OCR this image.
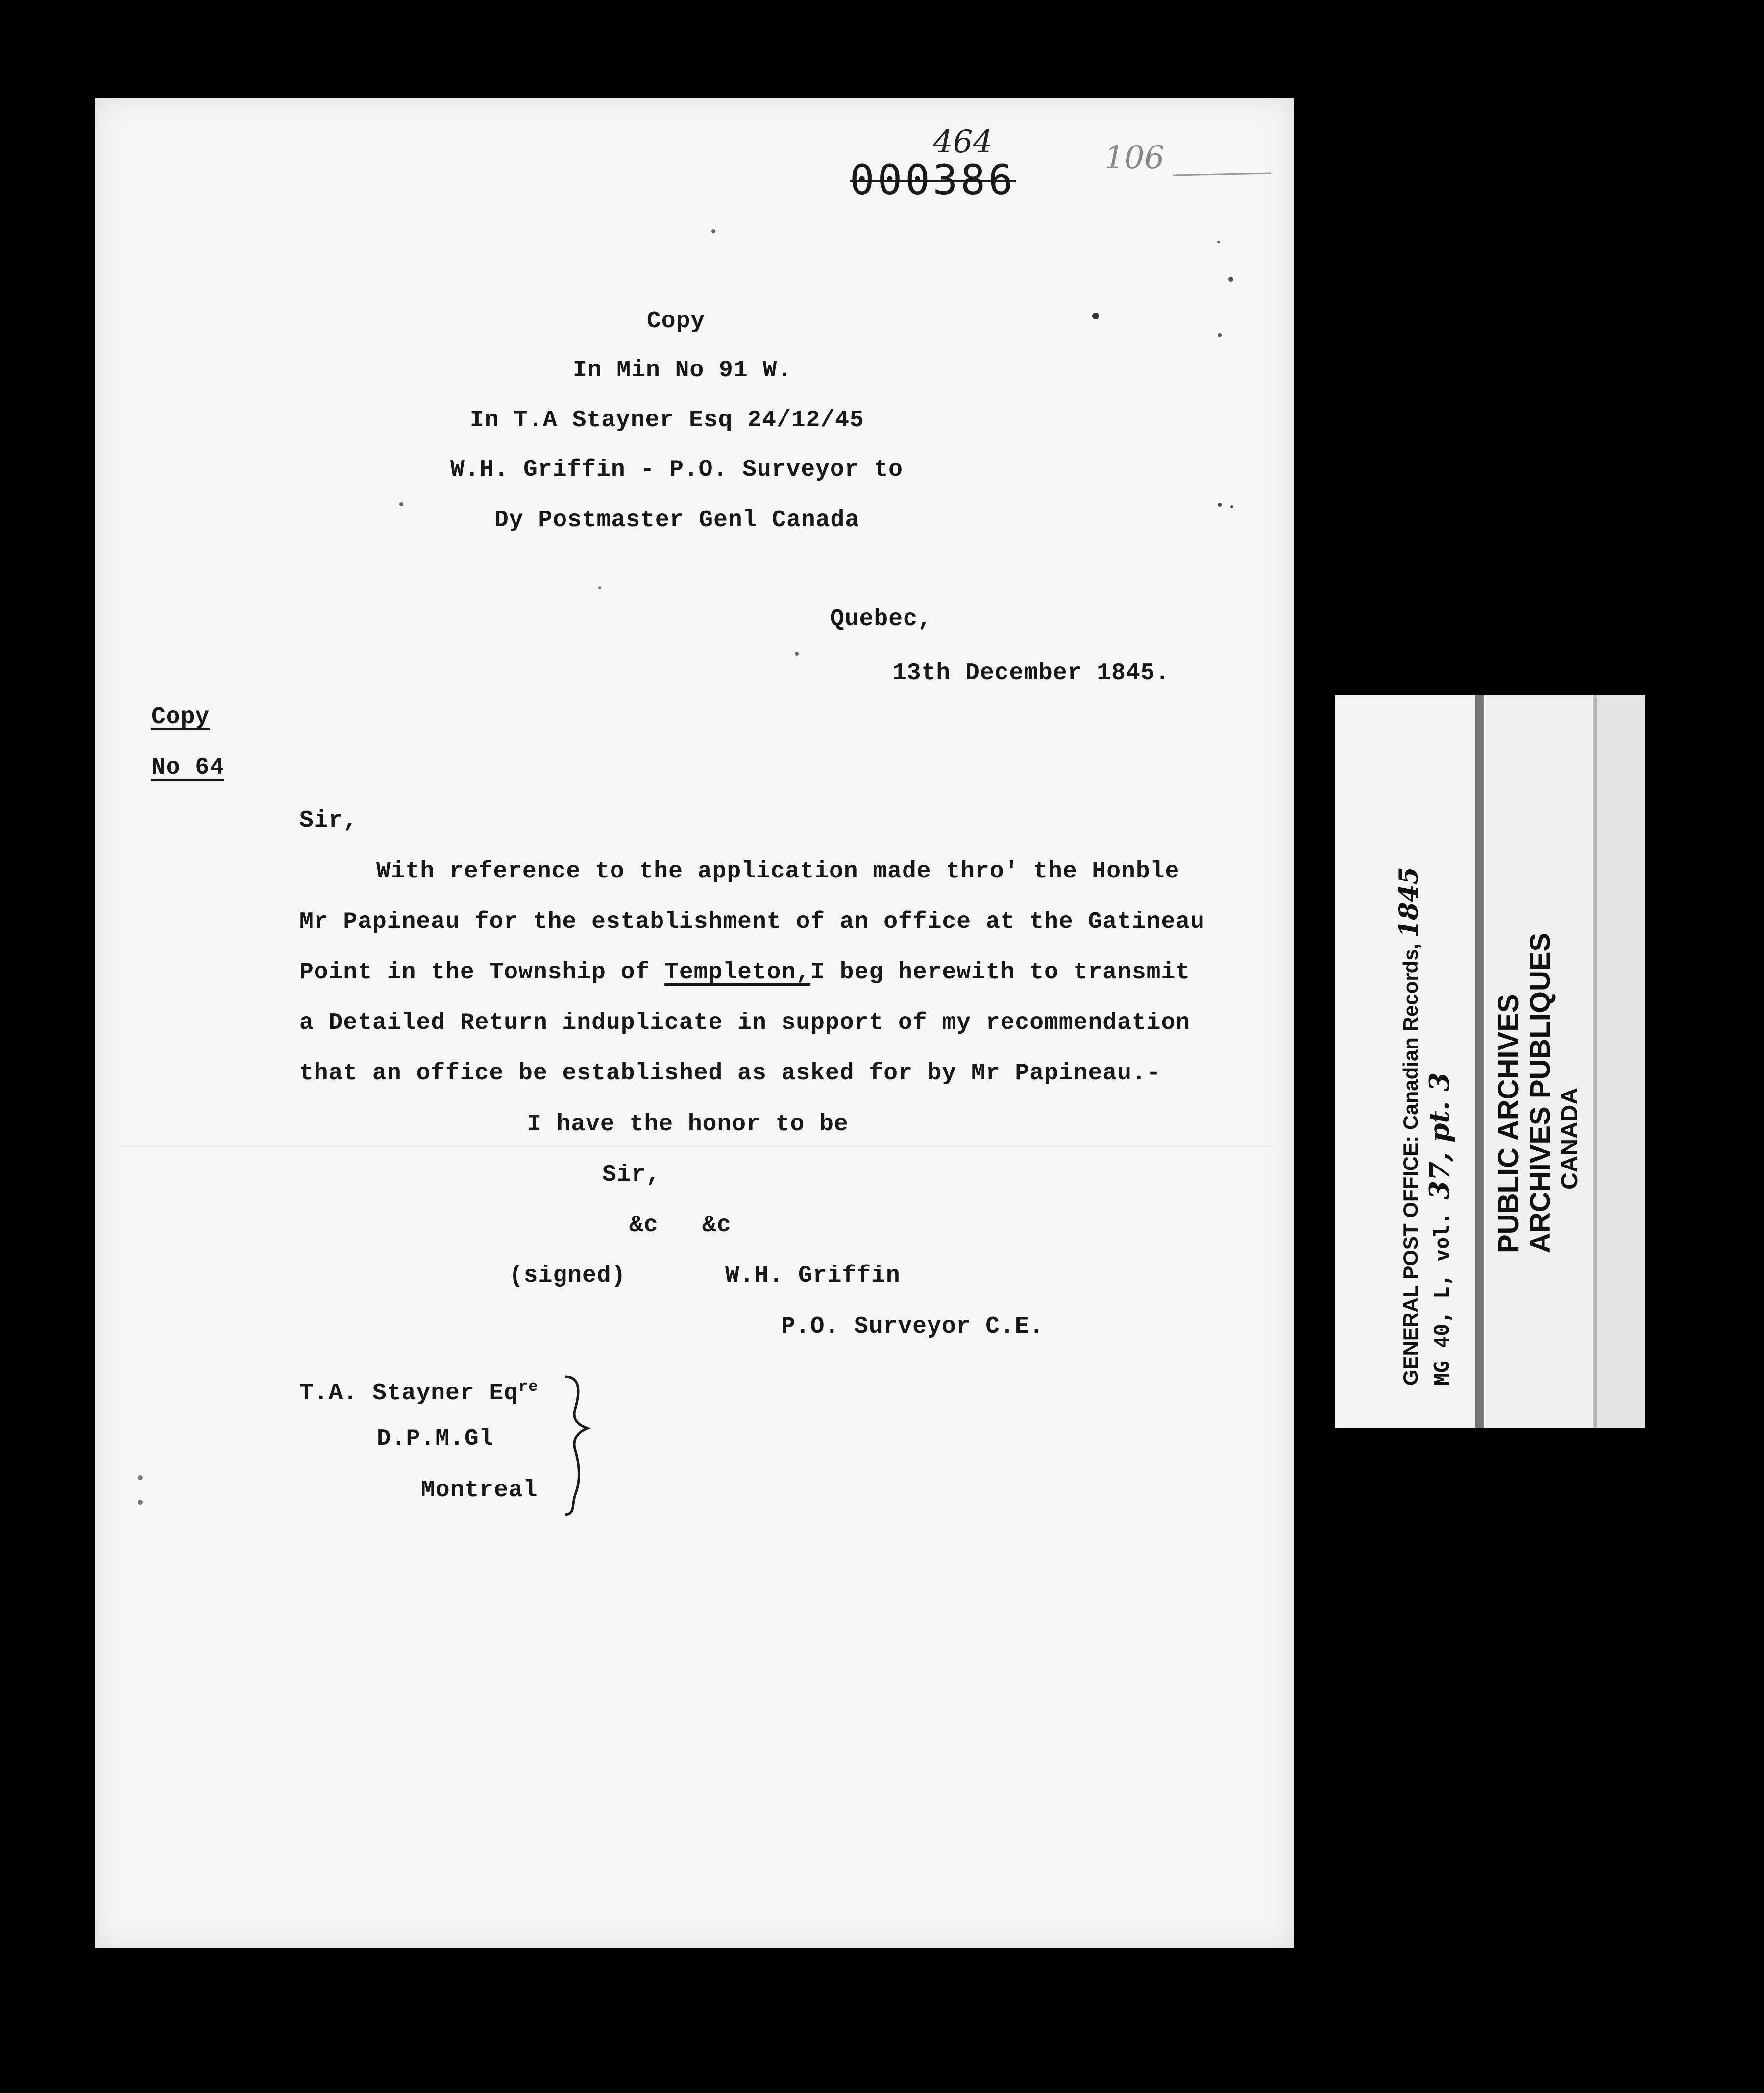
464
000386	106
Copy
In Min No 91 W.
In T.A Stayner Esq 24/12/45
W.H. Griffin - P.O. Surveyor to
Dy Postmaster Genl Canada
Quebec,
13th December 1845.
Copy
No 64
Sir,
With reference to the application made thro' the Honble
Mr Papineau for the establishment of an office at the Gatineau
Point in the Township of Templeton,I beg herewith to transmit
a Detailed Return induplicate in support of my recommendation
that an office be established as asked for by Mr Papineau.-
I have the honor to be
Sir,
&c   &c
(signed)	W.H. Griffin
P.O. Surveyor C.E.
T.A. Stayner $Eq^{re}$
D.P.M.Gl
Montreal
GENERAL POST OFFICE: Canadian Records, 1845
MG 40, L, vol. 37, pt. 3 PUBLIC ARCHIVES ARCHIVES PUBLIQUES CANADA
